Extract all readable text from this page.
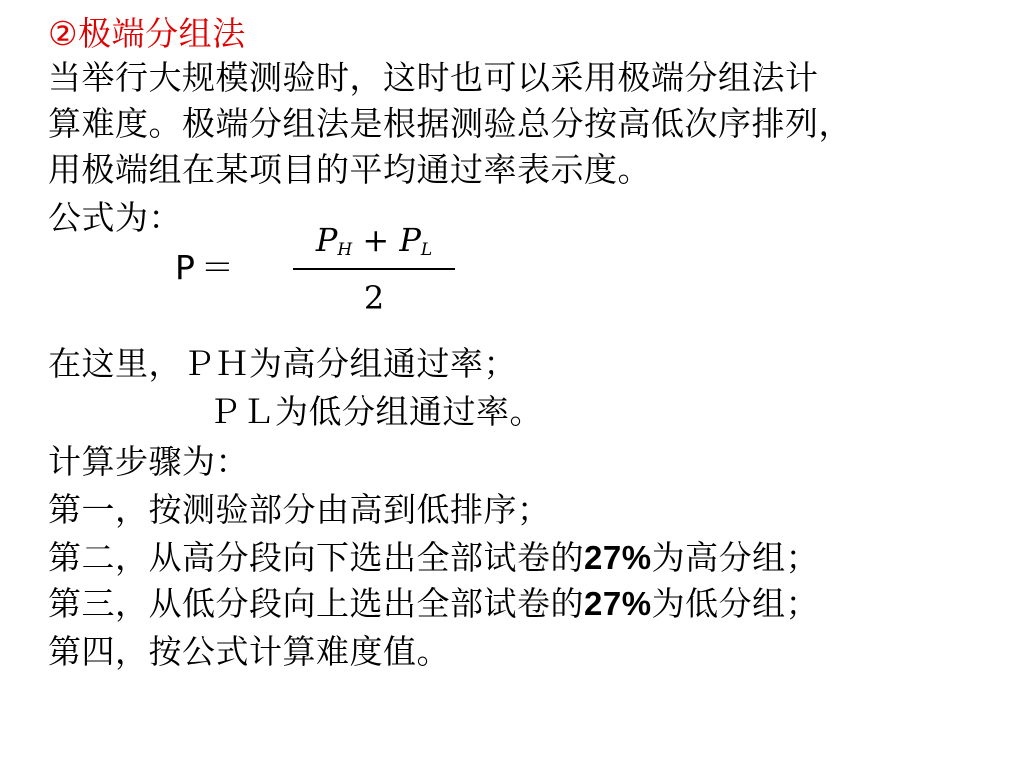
②极端分组法
当举行大规模测验时，这时也可以采用极端分组法计
算难度。极端分组法是根据测验总分按高低次序排列，
用极端组在某项目的平均通过率表示度。
公式为：
P＝
$P_H + P_L$
2
在这里，ＰＨ为高分组通过率；
ＰＬ为低分组通过率。
计算步骤为：
第一，按测验部分由高到低排序；
第二，从高分段向下选出全部试卷的27%为高分组；
第三，从低分段向上选出全部试卷的27%为低分组；
第四，按公式计算难度值。
